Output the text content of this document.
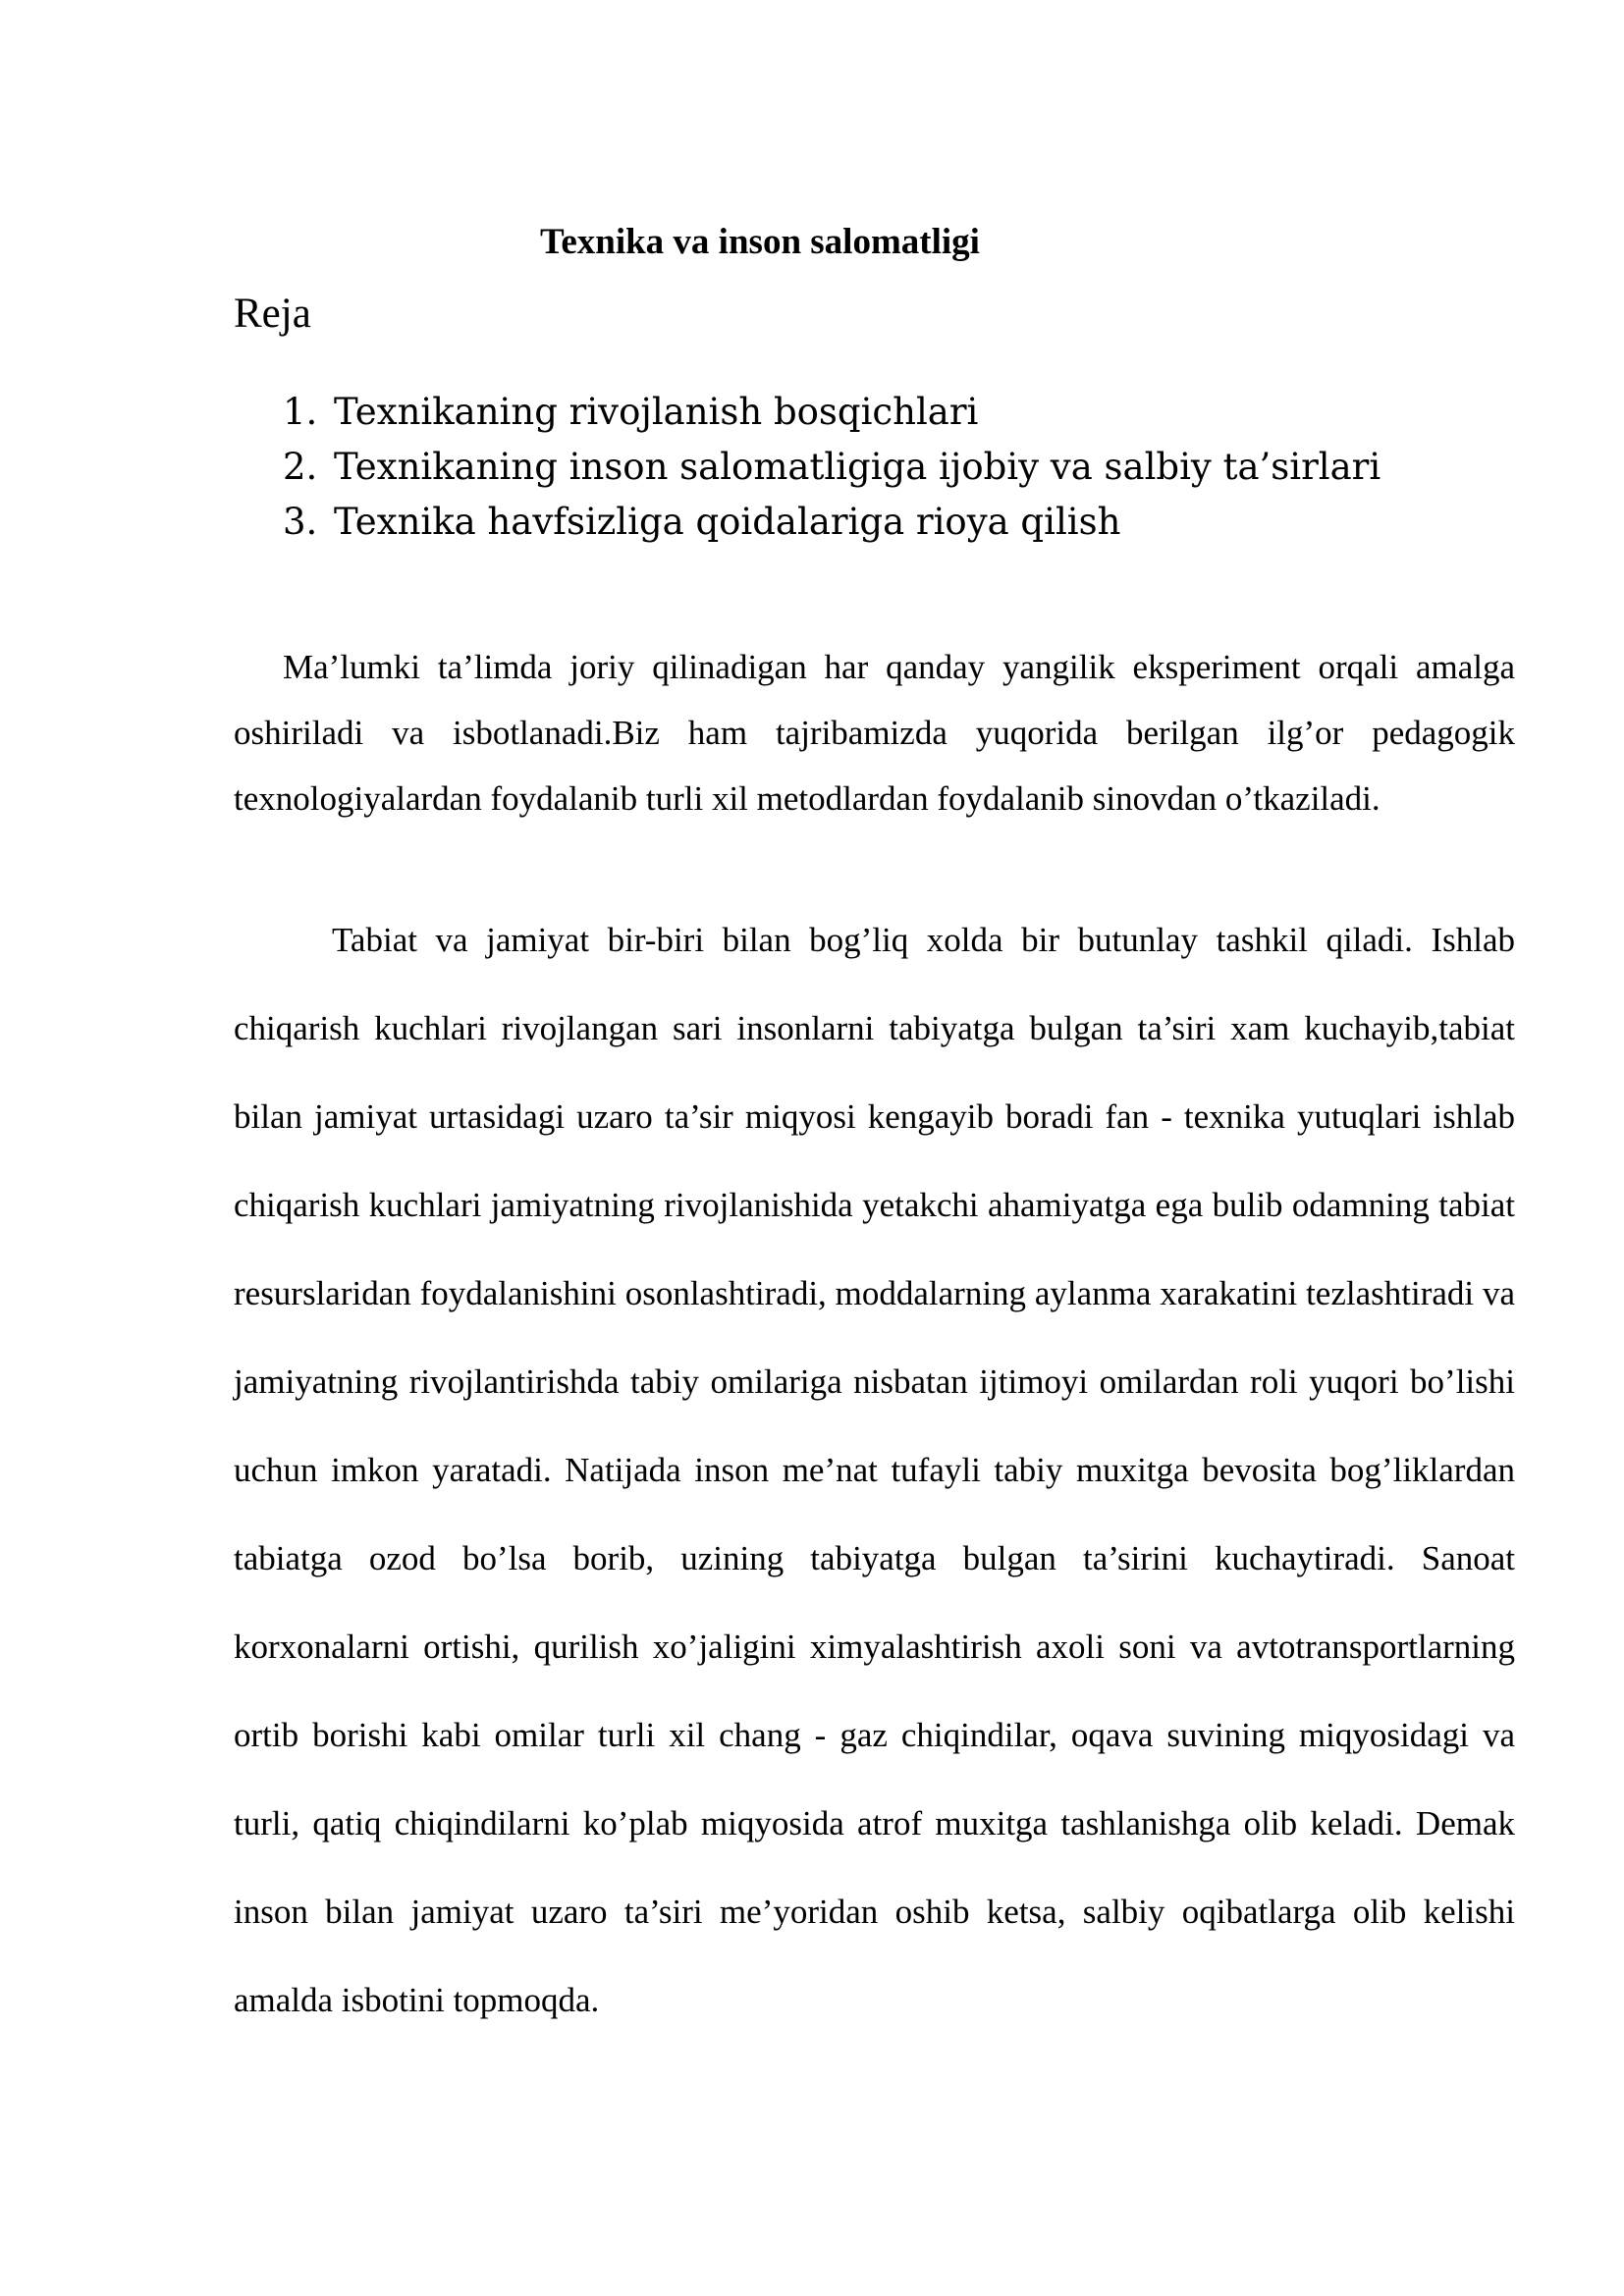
Texnika va inson salomatligi

Reja

1. Texnikaning rivojlanish bosqichlari
2. Texnikaning inson salomatligiga ijobiy va salbiy ta’sirlari
3. Texnika havfsizliga qoidalariga rioya qilish

Ma’lumki ta’limda joriy qilinadigan har qanday yangilik eksperiment orqali amalga oshiriladi va isbotlanadi.Biz ham tajribamizda yuqorida berilgan ilg’or pedagogik texnologiyalardan foydalanib turli xil metodlardan foydalanib sinovdan o’tkaziladi.

Tabiat va jamiyat bir-biri bilan bog’liq xolda bir butunlay tashkil qiladi. Ishlab chiqarish kuchlari rivojlangan sari insonlarni tabiyatga bulgan ta’siri xam kuchayib,tabiat bilan jamiyat urtasidagi uzaro ta’sir miqyosi kengayib boradi fan - texnika yutuqlari ishlab chiqarish kuchlari jamiyatning rivojlanishida yetakchi ahamiyatga ega bulib odamning tabiat resurslaridan foydalanishini osonlashtiradi, moddalarning aylanma xarakatini tezlashtiradi va jamiyatning rivojlantirishda tabiy omilariga nisbatan ijtimoyi omilardan roli yuqori bo’lishi uchun imkon yaratadi. Natijada inson me’nat tufayli tabiy muxitga bevosita bog’liklardan tabiatga ozod bo’lsa borib, uzining tabiyatga bulgan ta’sirini kuchaytiradi. Sanoat korxonalarni ortishi, qurilish xo’jaligini ximyalashtirish axoli soni va avtotransportlarning ortib borishi kabi omilar turli xil chang - gaz chiqindilar, oqava suvining miqyosidagi va turli, qatiq chiqindilarni ko’plab miqyosida atrof muxitga tashlanishga olib keladi. Demak inson bilan jamiyat uzaro ta’siri me’yoridan oshib ketsa, salbiy oqibatlarga olib kelishi amalda isbotini topmoqda.
